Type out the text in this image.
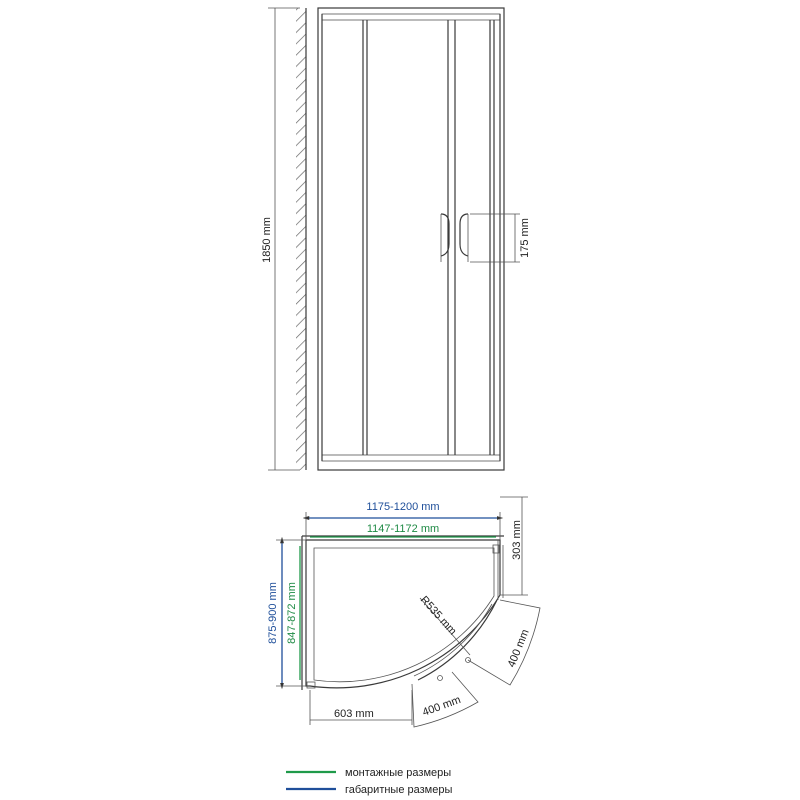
1850 mm	175 mm
1175-1200 mm
1147-1172 mm
875-900 mm 847-872 mm
303 mm
603 mm
R535 mm
400 mm
400 mm
монтажные размеры
габаритные размеры
